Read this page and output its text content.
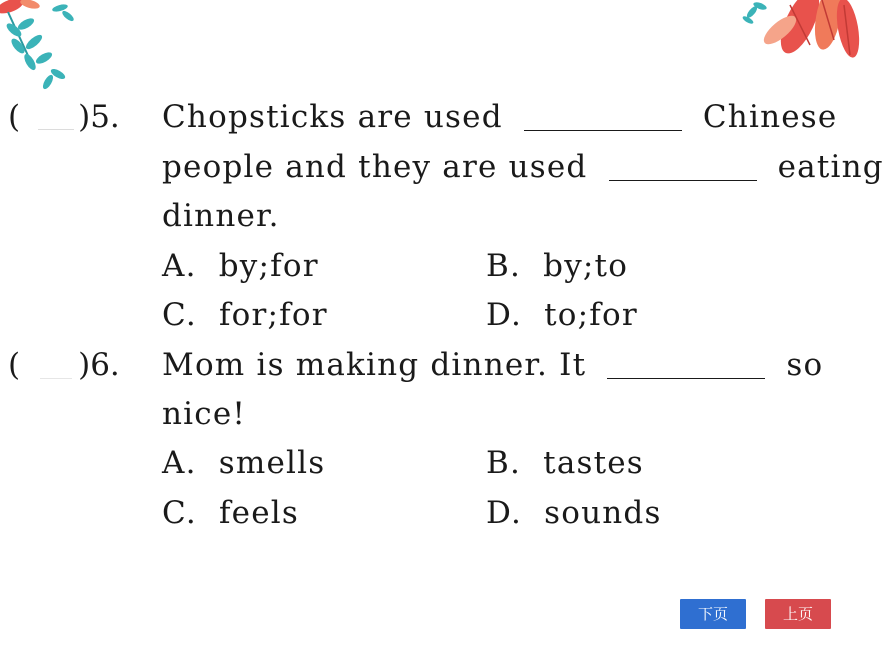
( )5. Chopsticks are used	Chinese
people and they are used	eating
dinner.
A. by;for	B. by;to
C. for;for	D. to;for
( )6. Mom is making dinner. It	so
nice!
A. smells	B. tastes
C. feels	D. sounds
下页	上页
